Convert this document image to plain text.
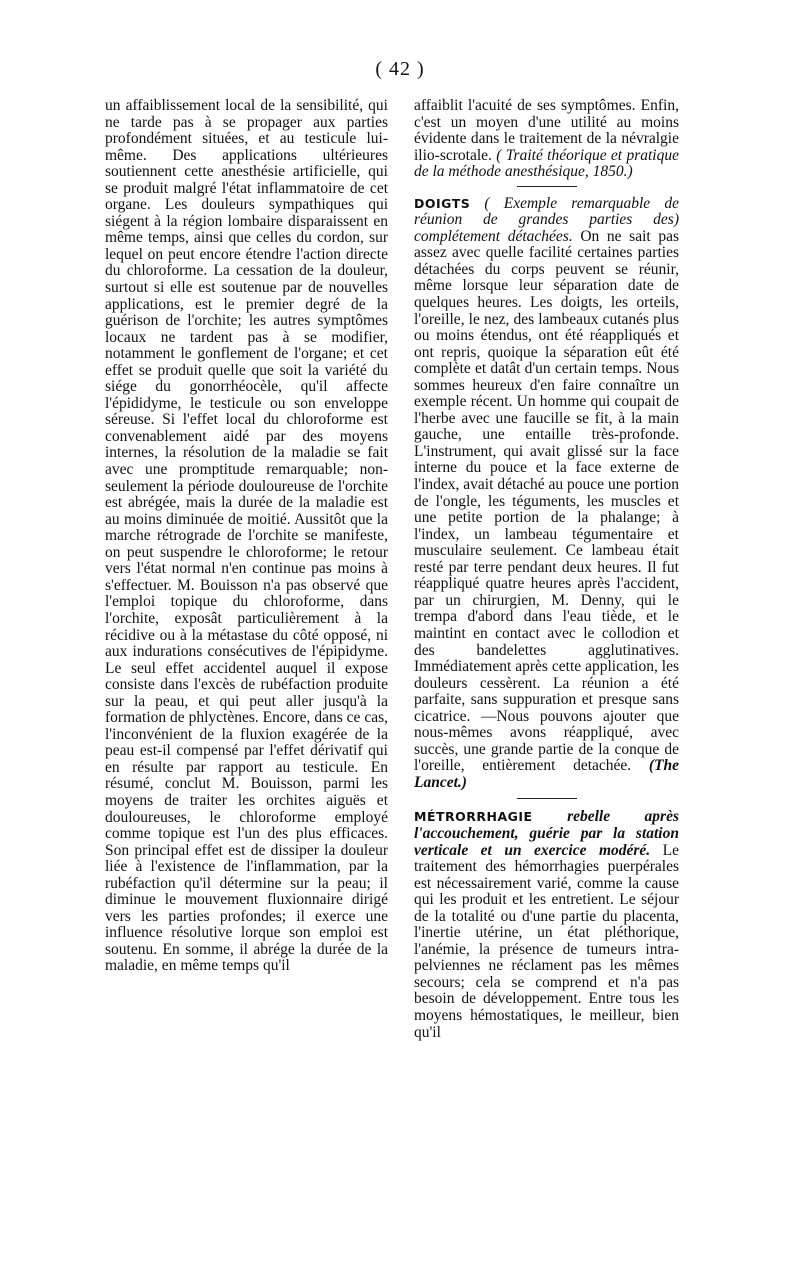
( 42 )

un affaiblissement local de la sensibilité, qui ne tarde pas à se propager aux parties profondément situées, et au testicule lui-même. Des applications ultérieures soutiennent cette anesthésie artificielle, qui se produit malgré l'état inflammatoire de cet organe. Les douleurs sympathiques qui siégent à la région lombaire disparaissent en même temps, ainsi que celles du cordon, sur lequel on peut encore étendre l'action directe du chloroforme. La cessation de la douleur, surtout si elle est soutenue par de nouvelles applications, est le premier degré de la guérison de l'orchite; les autres symptômes locaux ne tardent pas à se modifier, notamment le gonflement de l'organe; et cet effet se produit quelle que soit la variété du siége du gonorrhéocèle, qu'il affecte l'épididyme, le testicule ou son enveloppe séreuse. Si l'effet local du chloroforme est convenablement aidé par des moyens internes, la résolution de la maladie se fait avec une promptitude remarquable; non-seulement la période douloureuse de l'orchite est abrégée, mais la durée de la maladie est au moins diminuée de moitié. Aussitôt que la marche rétrograde de l'orchite se manifeste, on peut suspendre le chloroforme; le retour vers l'état normal n'en continue pas moins à s'effectuer. M. Bouisson n'a pas observé que l'emploi topique du chloroforme, dans l'orchite, exposât particulièrement à la récidive ou à la métastase du côté opposé, ni aux indurations consécutives de l'épipidyme. Le seul effet accidentel auquel il expose consiste dans l'excès de rubéfaction produite sur la peau, et qui peut aller jusqu'à la formation de phlyctènes. Encore, dans ce cas, l'inconvénient de la fluxion exagérée de la peau est-il compensé par l'effet dérivatif qui en résulte par rapport au testicule. En résumé, conclut M. Bouisson, parmi les moyens de traiter les orchites aiguës et douloureuses, le chloroforme employé comme topique est l'un des plus efficaces. Son principal effet est de dissiper la douleur liée à l'existence de l'inflammation, par la rubéfaction qu'il détermine sur la peau; il diminue le mouvement fluxionnaire dirigé vers les parties profondes; il exerce une influence résolutive lorque son emploi est soutenu. En somme, il abrége la durée de la maladie, en même temps qu'il

affaiblit l'acuité de ses symptômes. Enfin, c'est un moyen d'une utilité au moins évidente dans le traitement de la névralgie ilio-scrotale. ( Traité théorique et pratique de la méthode anesthésique, 1850.)

DOIGTS ( Exemple remarquable de réunion de grandes parties des) complétement détachées. On ne sait pas assez avec quelle facilité certaines parties détachées du corps peuvent se réunir, même lorsque leur séparation date de quelques heures. Les doigts, les orteils, l'oreille, le nez, des lambeaux cutanés plus ou moins étendus, ont été réappliqués et ont repris, quoique la séparation eût été complète et datât d'un certain temps. Nous sommes heureux d'en faire connaître un exemple récent. Un homme qui coupait de l'herbe avec une faucille se fit, à la main gauche, une entaille très-profonde. L'instrument, qui avait glissé sur la face interne du pouce et la face externe de l'index, avait détaché au pouce une portion de l'ongle, les téguments, les muscles et une petite portion de la phalange; à l'index, un lambeau tégumentaire et musculaire seulement. Ce lambeau était resté par terre pendant deux heures. Il fut réappliqué quatre heures après l'accident, par un chirurgien, M. Denny, qui le trempa d'abord dans l'eau tiède, et le maintint en contact avec le collodion et des bandelettes agglutinatives. Immédiatement après cette application, les douleurs cessèrent. La réunion a été parfaite, sans suppuration et presque sans cicatrice. —Nous pouvons ajouter que nous-mêmes avons réappliqué, avec succès, une grande partie de la conque de l'oreille, entièrement detachée. (The Lancet.)

MÉTRORRHAGIE rebelle après l'accouchement, guérie par la station verticale et un exercice modéré. Le traitement des hémorrhagies puerpérales est nécessairement varié, comme la cause qui les produit et les entretient. Le séjour de la totalité ou d'une partie du placenta, l'inertie utérine, un état pléthorique, l'anémie, la présence de tumeurs intra-pelviennes ne réclament pas les mêmes secours; cela se comprend et n'a pas besoin de développement. Entre tous les moyens hémostatiques, le meilleur, bien qu'il
